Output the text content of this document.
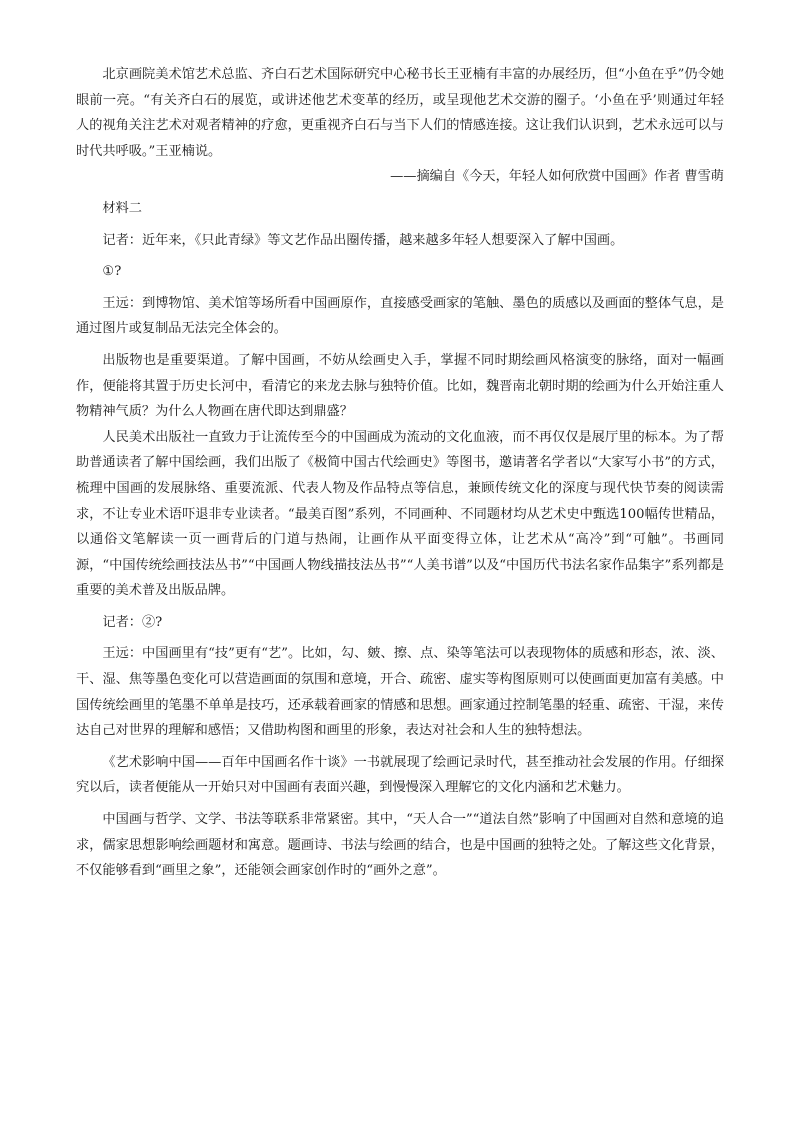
北京画院美术馆艺术总监、齐白石艺术国际研究中心秘书长王亚楠有丰富的办展经历，但“小鱼在乎”仍令她眼前一亮。“有关齐白石的展览，或讲述他艺术变革的经历，或呈现他艺术交游的圈子。‘小鱼在乎’则通过年轻人的视角关注艺术对观者精神的疗愈，更重视齐白石与当下人们的情感连接。这让我们认识到，艺术永远可以与时代共呼吸。”王亚楠说。

——摘编自《今天，年轻人如何欣赏中国画》作者 曹雪萌

材料二

记者：近年来，《只此青绿》等文艺作品出圈传播，越来越多年轻人想要深入了解中国画。

①?

王远：到博物馆、美术馆等场所看中国画原作，直接感受画家的笔触、墨色的质感以及画面的整体气息，是通过图片或复制品无法完全体会的。

出版物也是重要渠道。了解中国画，不妨从绘画史入手，掌握不同时期绘画风格演变的脉络，面对一幅画作，便能将其置于历史长河中，看清它的来龙去脉与独特价值。比如，魏晋南北朝时期的绘画为什么开始注重人物精神气质？为什么人物画在唐代即达到鼎盛？

人民美术出版社一直致力于让流传至今的中国画成为流动的文化血液，而不再仅仅是展厅里的标本。为了帮助普通读者了解中国绘画，我们出版了《极简中国古代绘画史》等图书，邀请著名学者以“大家写小书”的方式，梳理中国画的发展脉络、重要流派、代表人物及作品特点等信息，兼顾传统文化的深度与现代快节奏的阅读需求，不让专业术语吓退非专业读者。“最美百图”系列，不同画种、不同题材均从艺术史中甄选100幅传世精品，以通俗文笔解读一页一画背后的门道与热闹，让画作从平面变得立体，让艺术从“高冷”到“可触”。书画同源，“中国传统绘画技法丛书”“中国画人物线描技法丛书”“人美书谱”以及“中国历代书法名家作品集字”系列都是重要的美术普及出版品牌。

记者：②?

王远：中国画里有“技”更有“艺”。比如，勾、皴、擦、点、染等笔法可以表现物体的质感和形态，浓、淡、干、湿、焦等墨色变化可以营造画面的氛围和意境，开合、疏密、虚实等构图原则可以使画面更加富有美感。中国传统绘画里的笔墨不单单是技巧，还承载着画家的情感和思想。画家通过控制笔墨的轻重、疏密、干湿，来传达自己对世界的理解和感悟；又借助构图和画里的形象，表达对社会和人生的独特想法。

《艺术影响中国——百年中国画名作十谈》一书就展现了绘画记录时代，甚至推动社会发展的作用。仔细探究以后，读者便能从一开始只对中国画有表面兴趣，到慢慢深入理解它的文化内涵和艺术魅力。

中国画与哲学、文学、书法等联系非常紧密。其中，“天人合一”“道法自然”影响了中国画对自然和意境的追求，儒家思想影响绘画题材和寓意。题画诗、书法与绘画的结合，也是中国画的独特之处。了解这些文化背景，不仅能够看到“画里之象”，还能领会画家创作时的“画外之意”。
